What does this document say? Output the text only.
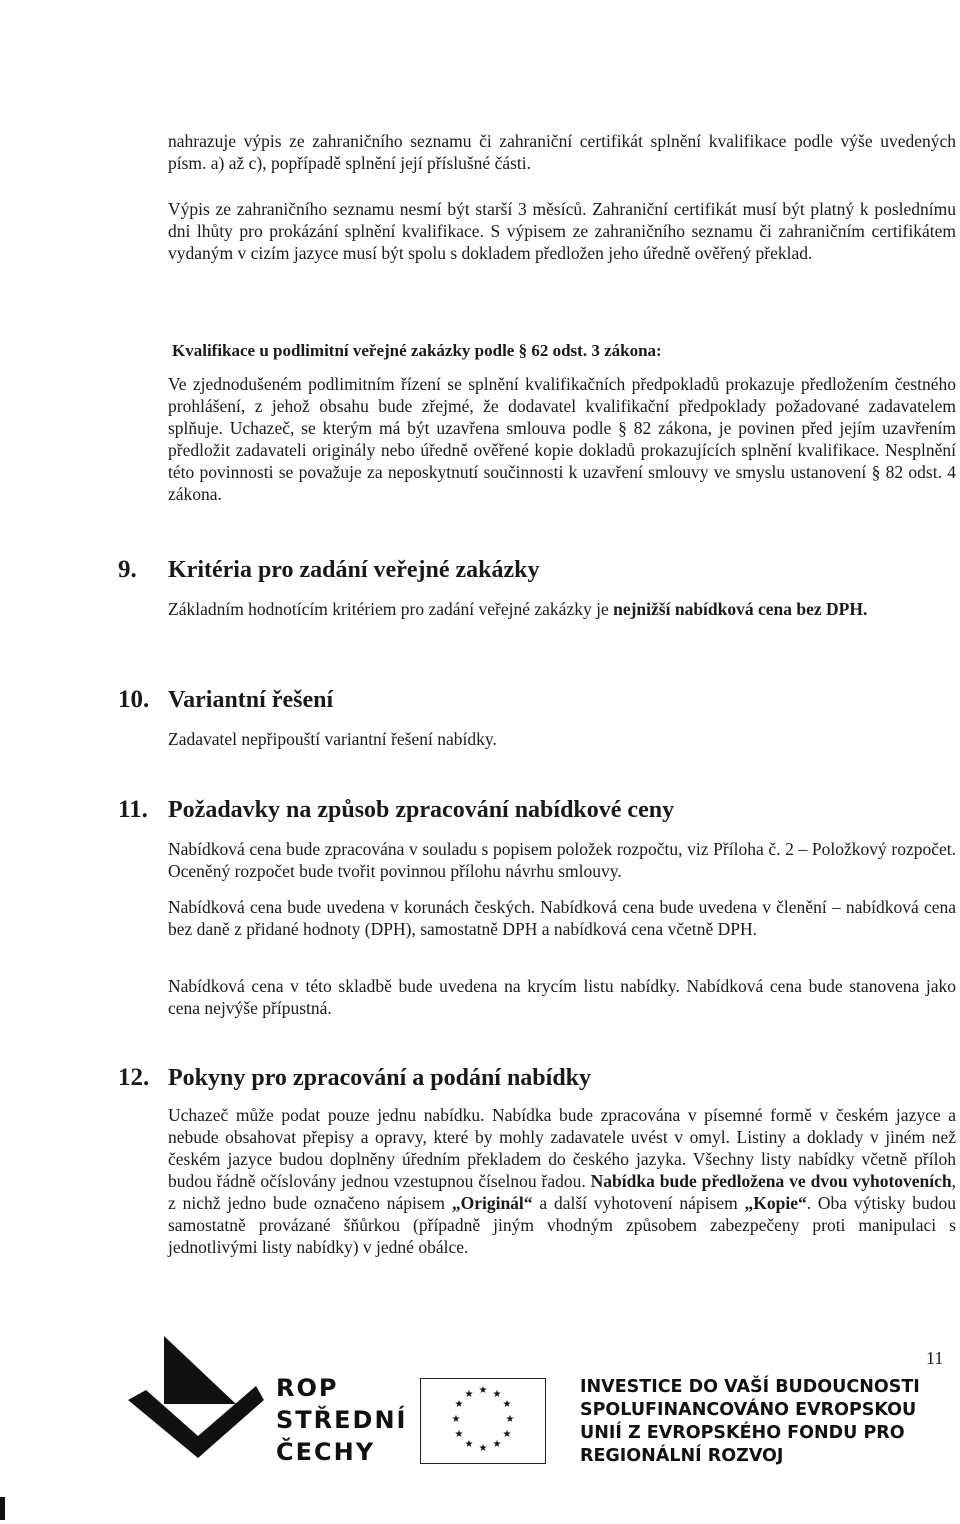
nahrazuje výpis ze zahraničního seznamu či zahraniční certifikát splnění kvalifikace podle výše uvedených písm. a) až c), popřípadě splnění její příslušné části.

Výpis ze zahraničního seznamu nesmí být starší 3 měsíců. Zahraniční certifikát musí být platný k poslednímu dni lhůty pro prokázání splnění kvalifikace. S výpisem ze zahraničního seznamu či zahraničním certifikátem vydaným v cizím jazyce musí být spolu s dokladem předložen jeho úředně ověřený překlad.

Kvalifikace u podlimitní veřejné zakázky podle § 62 odst. 3 zákona:

Ve zjednodušeném podlimitním řízení se splnění kvalifikačních předpokladů prokazuje předložením čestného prohlášení, z jehož obsahu bude zřejmé, že dodavatel kvalifikační předpoklady požadované zadavatelem splňuje. Uchazeč, se kterým má být uzavřena smlouva podle § 82 zákona, je povinen před jejím uzavřením předložit zadavateli originály nebo úředně ověřené kopie dokladů prokazujících splnění kvalifikace. Nesplnění této povinnosti se považuje za neposkytnutí součinnosti k uzavření smlouvy ve smyslu ustanovení § 82 odst. 4 zákona.

9. Kritéria pro zadání veřejné zakázky

Základním hodnotícím kritériem pro zadání veřejné zakázky je nejnižší nabídková cena bez DPH.

10. Variantní řešení

Zadavatel nepřipouští variantní řešení nabídky.

11. Požadavky na způsob zpracování nabídkové ceny

Nabídková cena bude zpracována v souladu s popisem položek rozpočtu, viz Příloha č. 2 – Položkový rozpočet. Oceněný rozpočet bude tvořit povinnou přílohu návrhu smlouvy.

Nabídková cena bude uvedena v korunách českých. Nabídková cena bude uvedena v členění – nabídková cena bez daně z přidané hodnoty (DPH), samostatně DPH a nabídková cena včetně DPH.

Nabídková cena v této skladbě bude uvedena na krycím listu nabídky. Nabídková cena bude stanovena jako cena nejvýše přípustná.

12. Pokyny pro zpracování a podání nabídky

Uchazeč může podat pouze jednu nabídku. Nabídka bude zpracována v písemné formě v českém jazyce a nebude obsahovat přepisy a opravy, které by mohly zadavatele uvést v omyl. Listiny a doklady v jiném než českém jazyce budou doplněny úředním překladem do českého jazyka. Všechny listy nabídky včetně příloh budou řádně očíslovány jednou vzestupnou číselnou řadou. Nabídka bude předložena ve dvou vyhotoveních, z nichž jedno bude označeno nápisem „Originál“ a další vyhotovení nápisem „Kopie“. Oba výtisky budou samostatně provázané šňůrkou (případně jiným vhodným způsobem zabezpečeny proti manipulaci s jednotlivými listy nabídky) v jedné obálce.

11
ROP
STŘEDNÍ
ČECHY
★ ★
★
★
★
★
★
★
★
★
★
★	INVESTICE DO VAŠÍ BUDOUCNOSTI
SPOLUFINANCOVÁNO EVROPSKOU
UNIÍ Z EVROPSKÉHO FONDU PRO
REGIONÁLNÍ ROZVOJ
